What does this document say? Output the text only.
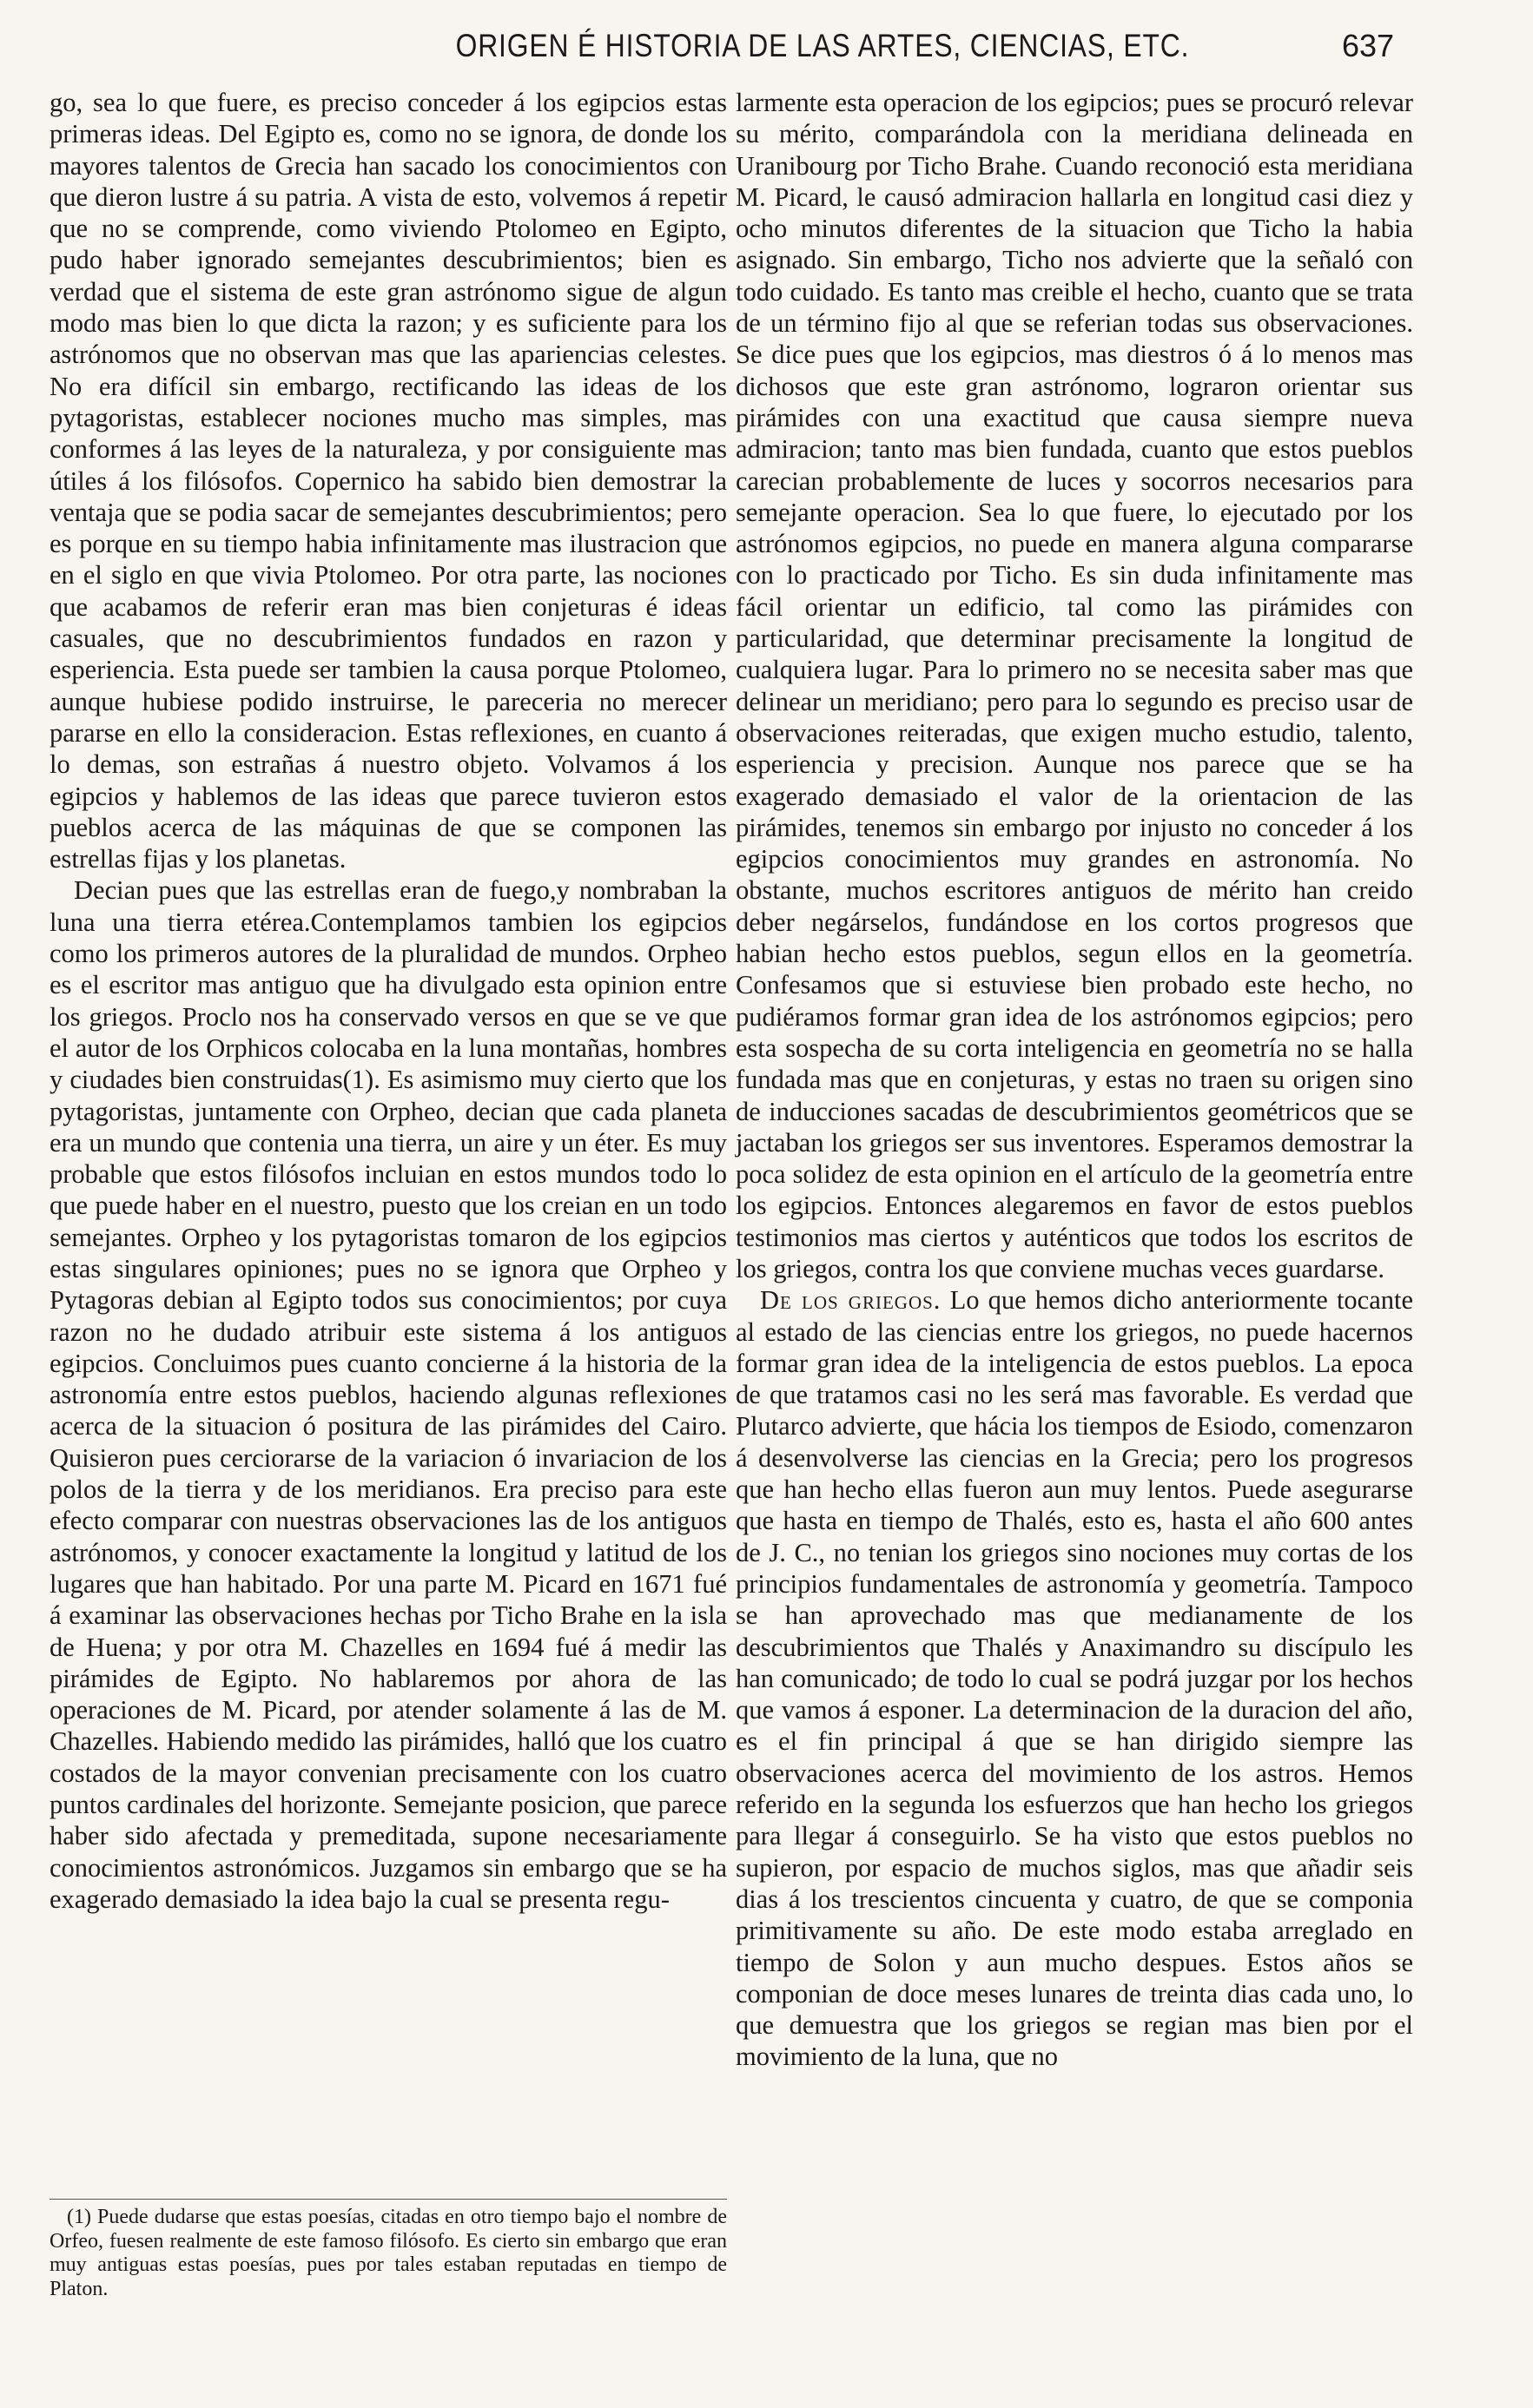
ORIGEN É HISTORIA DE LAS ARTES, CIENCIAS, ETC.	637

go, sea lo que fuere, es preciso conceder á los egipcios estas primeras ideas. Del Egipto es, como no se ignora, de donde los mayores talentos de Grecia han sacado los conocimientos con que dieron lustre á su patria. A vista de esto, volvemos á repetir que no se comprende, como viviendo Ptolomeo en Egipto, pudo haber ignorado semejantes descubrimientos; bien es verdad que el sistema de este gran astrónomo sigue de algun modo mas bien lo que dicta la razon; y es suficiente para los astrónomos que no observan mas que las apariencias celestes. No era difícil sin embargo, rectificando las ideas de los pytagoristas, establecer nociones mucho mas simples, mas conformes á las leyes de la naturaleza, y por consiguiente mas útiles á los filósofos. Copernico ha sabido bien demostrar la ventaja que se podia sacar de semejantes descubrimientos; pero es porque en su tiempo habia infinitamente mas ilustracion que en el siglo en que vivia Ptolomeo. Por otra parte, las nociones que acabamos de referir eran mas bien conjeturas é ideas casuales, que no descubrimientos fundados en razon y esperiencia. Esta puede ser tambien la causa porque Ptolomeo, aunque hubiese podido instruirse, le pareceria no merecer pararse en ello la consideracion. Estas reflexiones, en cuanto á lo demas, son estrañas á nuestro objeto. Volvamos á los egipcios y hablemos de las ideas que parece tuvieron estos pueblos acerca de las máquinas de que se componen las estrellas fijas y los planetas.

Decian pues que las estrellas eran de fuego,y nombraban la luna una tierra etérea.Contemplamos tambien los egipcios como los primeros autores de la pluralidad de mundos. Orpheo es el escritor mas antiguo que ha divulgado esta opinion entre los griegos. Proclo nos ha conservado versos en que se ve que el autor de los Orphicos colocaba en la luna montañas, hombres y ciudades bien construidas(1). Es asimismo muy cierto que los pytagoristas, juntamente con Orpheo, decian que cada planeta era un mundo que contenia una tierra, un aire y un éter. Es muy probable que estos filósofos incluian en estos mundos todo lo que puede haber en el nuestro, puesto que los creian en un todo semejantes. Orpheo y los pytagoristas tomaron de los egipcios estas singulares opiniones; pues no se ignora que Orpheo y Pytagoras debian al Egipto todos sus conocimientos; por cuya razon no he dudado atribuir este sistema á los antiguos egipcios. Concluimos pues cuanto concierne á la historia de la astronomía entre estos pueblos, haciendo algunas reflexiones acerca de la situacion ó positura de las pirámides del Cairo. Quisieron pues cerciorarse de la variacion ó invariacion de los polos de la tierra y de los meridianos. Era preciso para este efecto comparar con nuestras observaciones las de los antiguos astrónomos, y conocer exactamente la longitud y latitud de los lugares que han habitado. Por una parte M. Picard en 1671 fué á examinar las observaciones hechas por Ticho Brahe en la isla de Huena; y por otra M. Chazelles en 1694 fué á medir las pirámides de Egipto. No hablaremos por ahora de las operaciones de M. Picard, por atender solamente á las de M. Chazelles. Habiendo medido las pirámides, halló que los cuatro costados de la mayor convenian precisamente con los cuatro puntos cardinales del horizonte. Semejante posicion, que parece haber sido afectada y premeditada, supone necesariamente conocimientos astronómicos. Juzgamos sin embargo que se ha exagerado demasiado la idea bajo la cual se presenta regu-

larmente esta operacion de los egipcios; pues se procuró relevar su mérito, comparándola con la meridiana delineada en Uranibourg por Ticho Brahe. Cuando reconoció esta meridiana M. Picard, le causó admiracion hallarla en longitud casi diez y ocho minutos diferentes de la situacion que Ticho la habia asignado. Sin embargo, Ticho nos advierte que la señaló con todo cuidado. Es tanto mas creible el hecho, cuanto que se trata de un término fijo al que se referian todas sus observaciones. Se dice pues que los egipcios, mas diestros ó á lo menos mas dichosos que este gran astrónomo, lograron orientar sus pirámides con una exactitud que causa siempre nueva admiracion; tanto mas bien fundada, cuanto que estos pueblos carecian probablemente de luces y socorros necesarios para semejante operacion. Sea lo que fuere, lo ejecutado por los astrónomos egipcios, no puede en manera alguna compararse con lo practicado por Ticho. Es sin duda infinitamente mas fácil orientar un edificio, tal como las pirámides con particularidad, que determinar precisamente la longitud de cualquiera lugar. Para lo primero no se necesita saber mas que delinear un meridiano; pero para lo segundo es preciso usar de observaciones reiteradas, que exigen mucho estudio, talento, esperiencia y precision. Aunque nos parece que se ha exagerado demasiado el valor de la orientacion de las pirámides, tenemos sin embargo por injusto no conceder á los egipcios conocimientos muy grandes en astronomía. No obstante, muchos escritores antiguos de mérito han creido deber negárselos, fundándose en los cortos progresos que habian hecho estos pueblos, segun ellos en la geometría. Confesamos que si estuviese bien probado este hecho, no pudiéramos formar gran idea de los astrónomos egipcios; pero esta sospecha de su corta inteligencia en geometría no se halla fundada mas que en conjeturas, y estas no traen su origen sino de inducciones sacadas de descubrimientos geométricos que se jactaban los griegos ser sus inventores. Esperamos demostrar la poca solidez de esta opinion en el artículo de la geometría entre los egipcios. Entonces alegaremos en favor de estos pueblos testimonios mas ciertos y auténticos que todos los escritos de los griegos, contra los que conviene muchas veces guardarse.

De los griegos. Lo que hemos dicho anteriormente tocante al estado de las ciencias entre los griegos, no puede hacernos formar gran idea de la inteligencia de estos pueblos. La epoca de que tratamos casi no les será mas favorable. Es verdad que Plutarco advierte, que hácia los tiempos de Esiodo, comenzaron á desenvolverse las ciencias en la Grecia; pero los progresos que han hecho ellas fueron aun muy lentos. Puede asegurarse que hasta en tiempo de Thalés, esto es, hasta el año 600 antes de J. C., no tenian los griegos sino nociones muy cortas de los principios fundamentales de astronomía y geometría. Tampoco se han aprovechado mas que medianamente de los descubrimientos que Thalés y Anaximandro su discípulo les han comunicado; de todo lo cual se podrá juzgar por los hechos que vamos á esponer. La determinacion de la duracion del año, es el fin principal á que se han dirigido siempre las observaciones acerca del movimiento de los astros. Hemos referido en la segunda los esfuerzos que han hecho los griegos para llegar á conseguirlo. Se ha visto que estos pueblos no supieron, por espacio de muchos siglos, mas que añadir seis dias á los trescientos cincuenta y cuatro, de que se componia primitivamente su año. De este modo estaba arreglado en tiempo de Solon y aun mucho despues. Estos años se componian de doce meses lunares de treinta dias cada uno, lo que demuestra que los griegos se regian mas bien por el movimiento de la luna, que no

(1) Puede dudarse que estas poesías, citadas en otro tiempo bajo el nombre de Orfeo, fuesen realmente de este famoso filósofo. Es cierto sin embargo que eran muy antiguas estas poesías, pues por tales estaban reputadas en tiempo de Platon.
